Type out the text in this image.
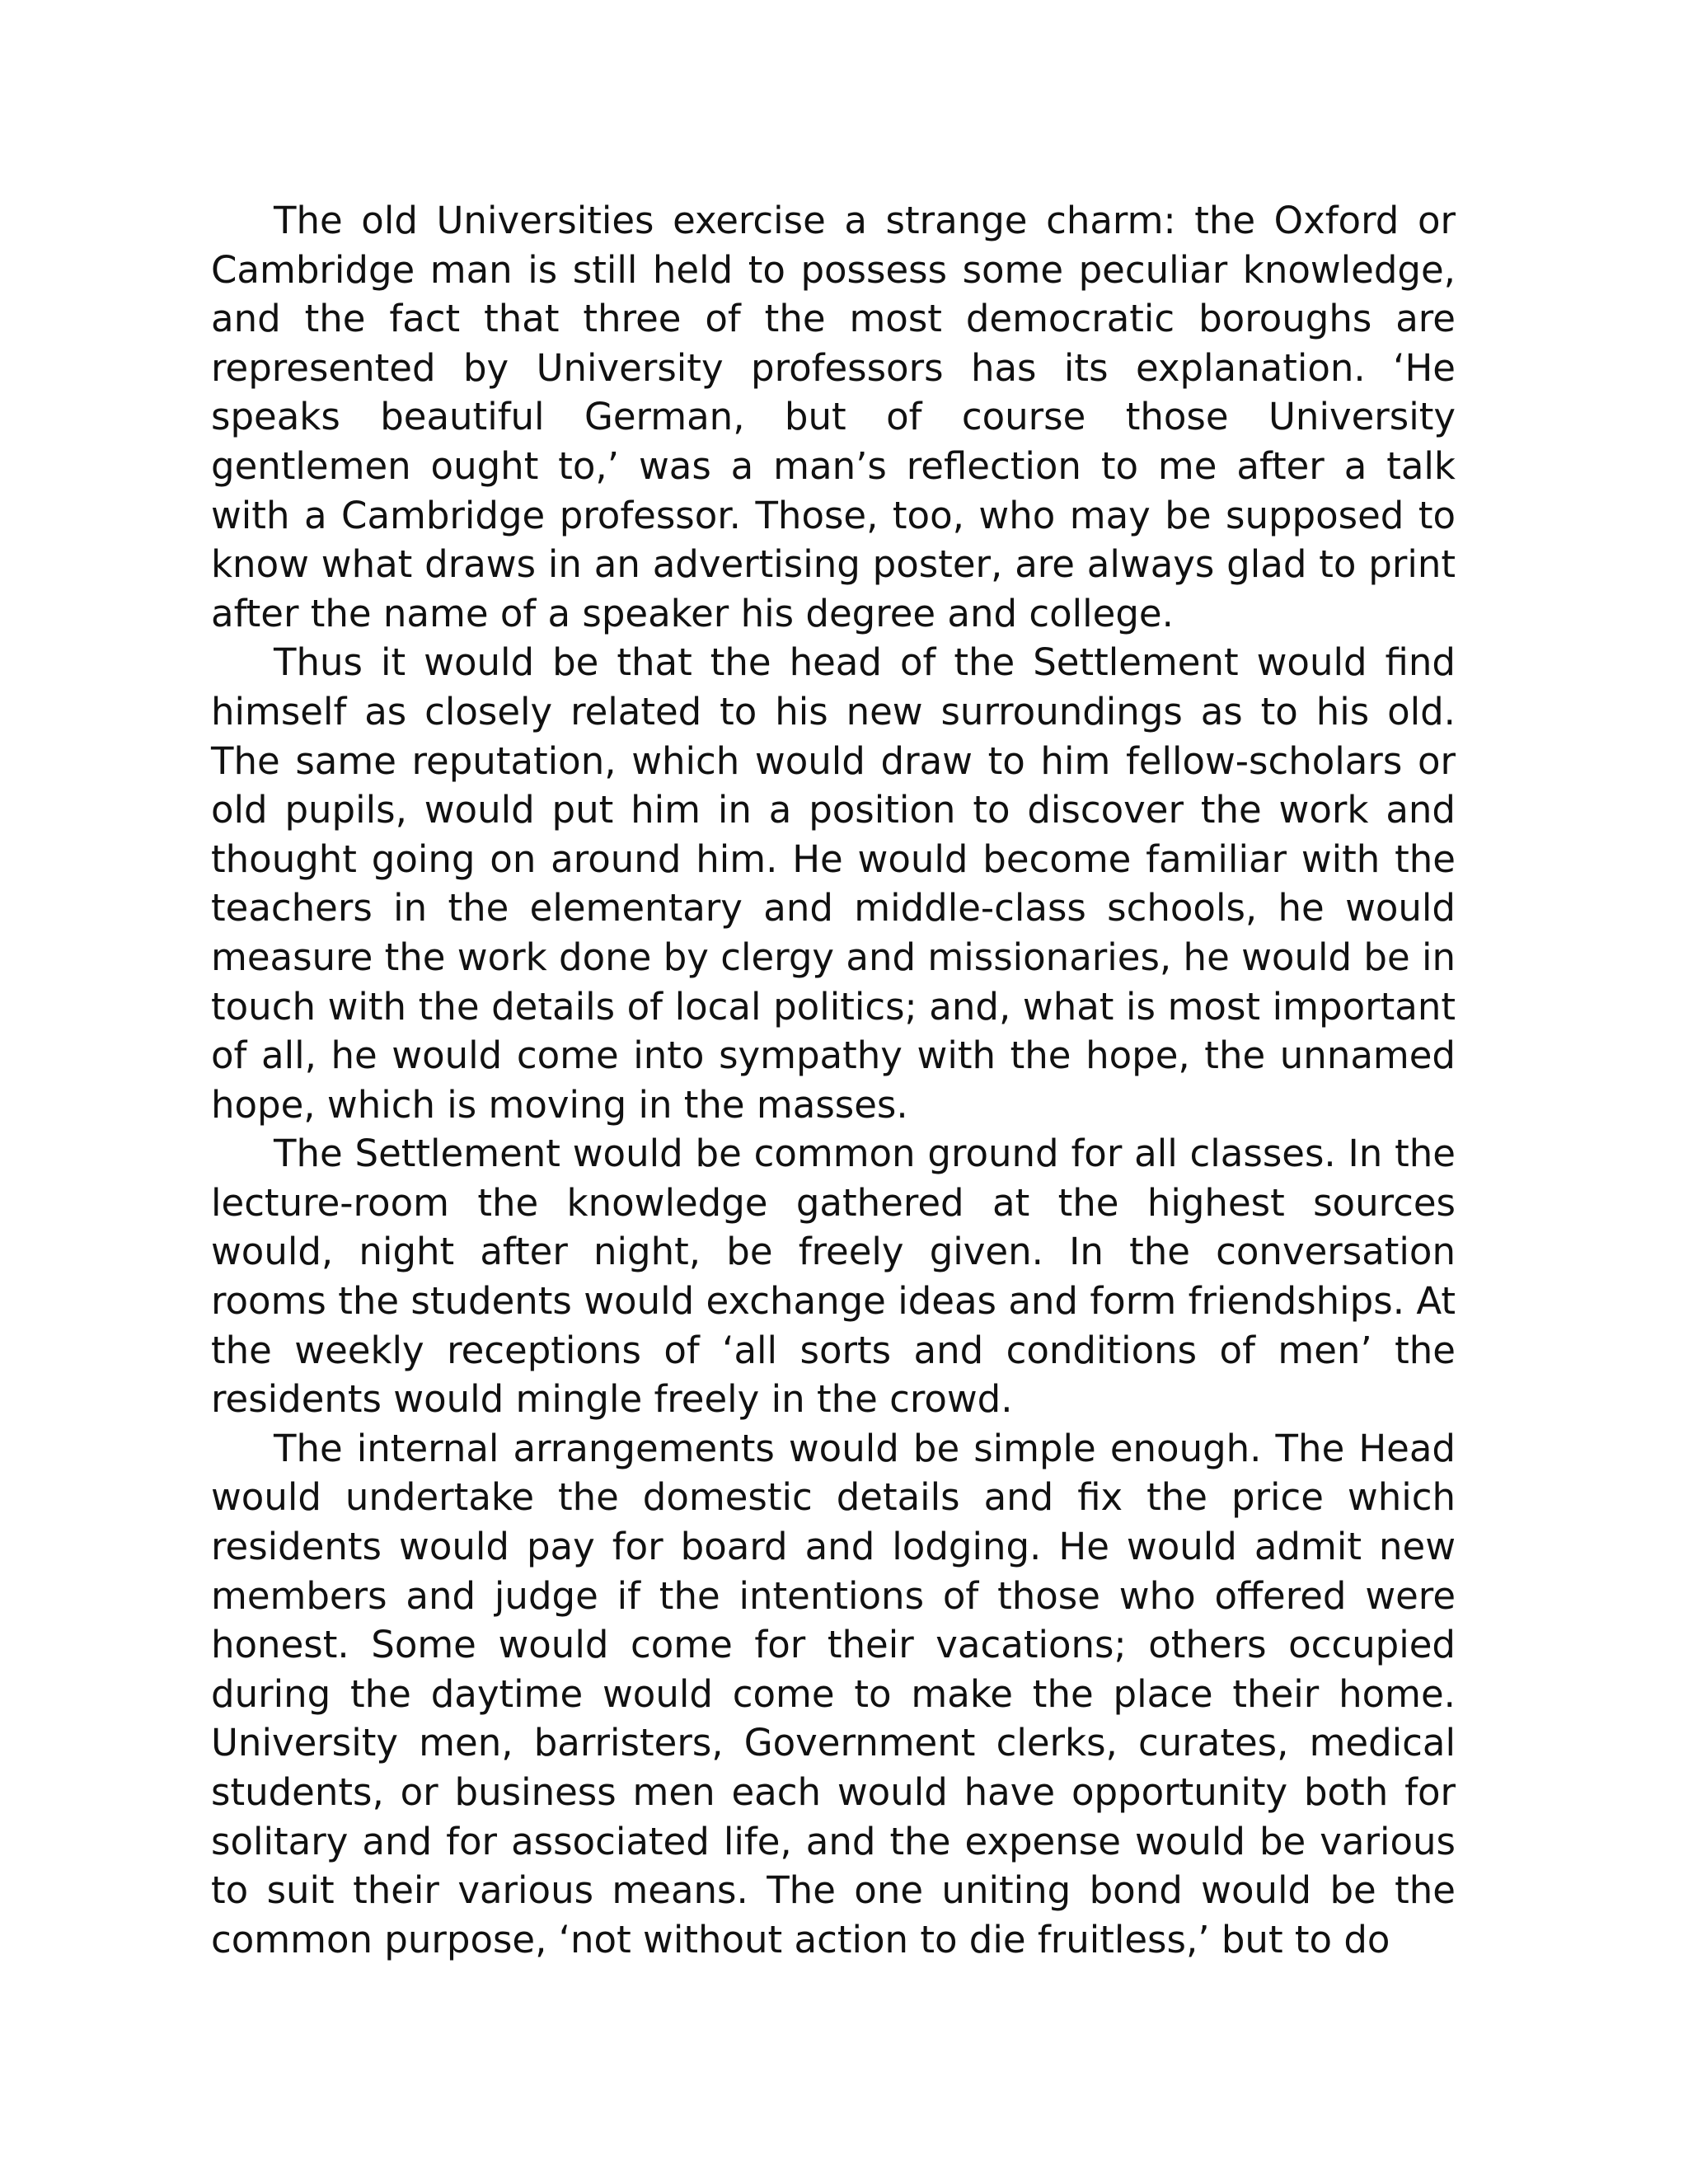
The old Universities exercise a strange charm: the Oxford or Cambridge man is still held to possess some peculiar knowledge, and the fact that three of the most democratic boroughs are represented by University professors has its explanation. ‘He speaks beautiful German, but of course those University gentlemen ought to,’ was a man’s reflection to me after a talk with a Cambridge professor. Those, too, who may be supposed to know what draws in an advertising poster, are always glad to print after the name of a speaker his degree and college.

Thus it would be that the head of the Settlement would find himself as closely related to his new surroundings as to his old. The same reputation, which would draw to him fellow-scholars or old pupils, would put him in a position to discover the work and thought going on around him. He would become familiar with the teachers in the elementary and middle-class schools, he would measure the work done by clergy and missionaries, he would be in touch with the details of local politics; and, what is most important of all, he would come into sympathy with the hope, the unnamed hope, which is moving in the masses.

The Settlement would be common ground for all classes. In the lecture-room the knowledge gathered at the highest sources would, night after night, be freely given. In the conversation rooms the students would exchange ideas and form friendships. At the weekly receptions of ‘all sorts and conditions of men’ the residents would mingle freely in the crowd.

The internal arrangements would be simple enough. The Head would undertake the domestic details and fix the price which residents would pay for board and lodging. He would admit new members and judge if the intentions of those who offered were honest. Some would come for their vacations; others occupied during the daytime would come to make the place their home. University men, barristers, Government clerks, curates, medical students, or business men each would have opportunity both for solitary and for associated life, and the expense would be various to suit their various means. The one uniting bond would be the common purpose, ‘not without action to die fruitless,’ but to do
